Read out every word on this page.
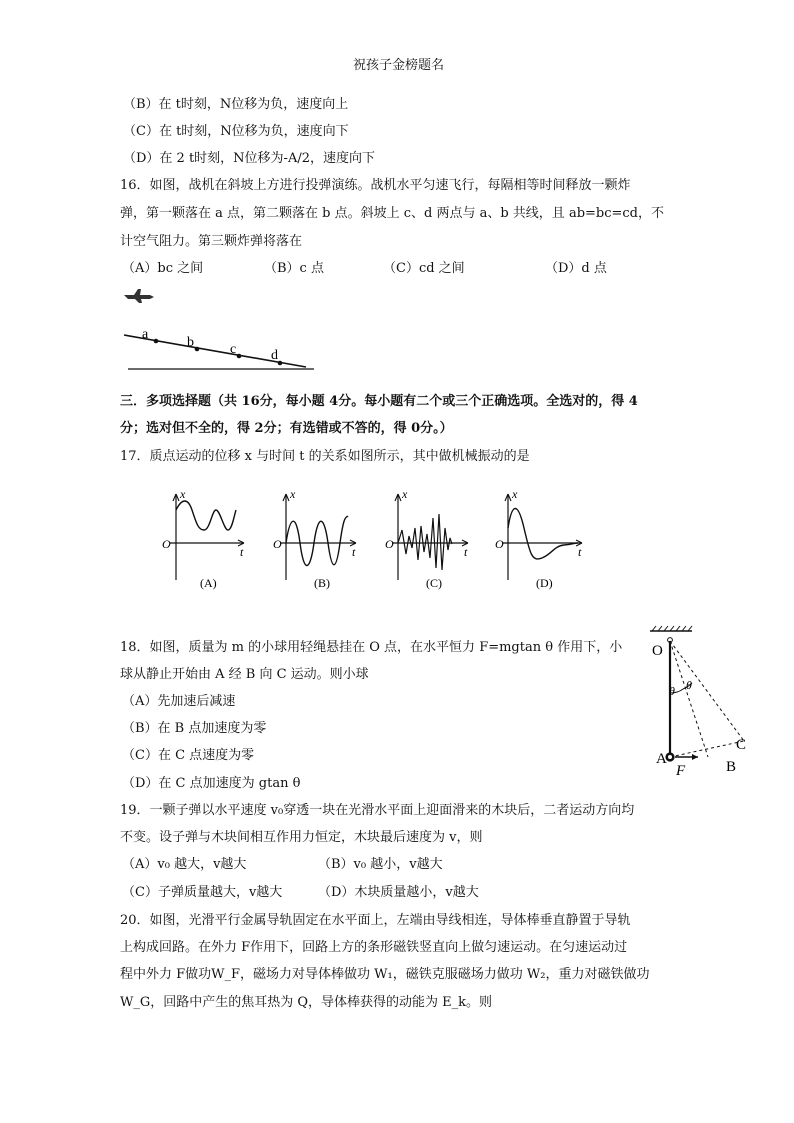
祝孩子金榜题名
（B）在 t时刻，N位移为负，速度向上
（C）在 t时刻，N位移为负，速度向下
（D）在 2 t时刻，N位移为-A/2，速度向下
16．如图，战机在斜坡上方进行投弹演练。战机水平匀速飞行，每隔相等时间释放一颗炸
弹，第一颗落在 a 点，第二颗落在 b 点。斜坡上 c、d 两点与 a、b 共线，且 ab=bc=cd，不
计空气阻力。第三颗炸弹将落在
（A）bc 之间	（B）c 点	（C）cd 之间	（D）d 点
a
b	c d
三．多项选择题（共 16分，每小题 4分。每小题有二个或三个正确选项。全选对的，得 4
分；选对但不全的，得 2分；有选错或不答的，得 0分。）
17．质点运动的位移 x 与时间 t 的关系如图所示，其中做机械振动的是
x
O
t
(A)
x
O
t
(B)
x
O
t
(C)
x
O
t
(D)
18．如图，质量为 m 的小球用轻绳悬挂在 O 点，在水平恒力 F=mgtan θ 作用下，小
球从静止开始由 A 经 B 向 C 运动。则小球
（A）先加速后减速
（B）在 B 点加速度为零
（C）在 C 点速度为零
（D）在 C 点加速度为 gtan θ
O
θ θ
A	B
C
F
19．一颗子弹以水平速度 v₀穿透一块在光滑水平面上迎面滑来的木块后，二者运动方向均
不变。设子弹与木块间相互作用力恒定，木块最后速度为 v，则
（A）v₀ 越大，v越大	（B）v₀ 越小，v越大
（C）子弹质量越大，v越大	（D）木块质量越小，v越大
20．如图，光滑平行金属导轨固定在水平面上，左端由导线相连，导体棒垂直静置于导轨
上构成回路。在外力 F作用下，回路上方的条形磁铁竖直向上做匀速运动。在匀速运动过
程中外力 F做功W_F，磁场力对导体棒做功 W₁，磁铁克服磁场力做功 W₂，重力对磁铁做功
W_G，回路中产生的焦耳热为 Q，导体棒获得的动能为 E_k。则
